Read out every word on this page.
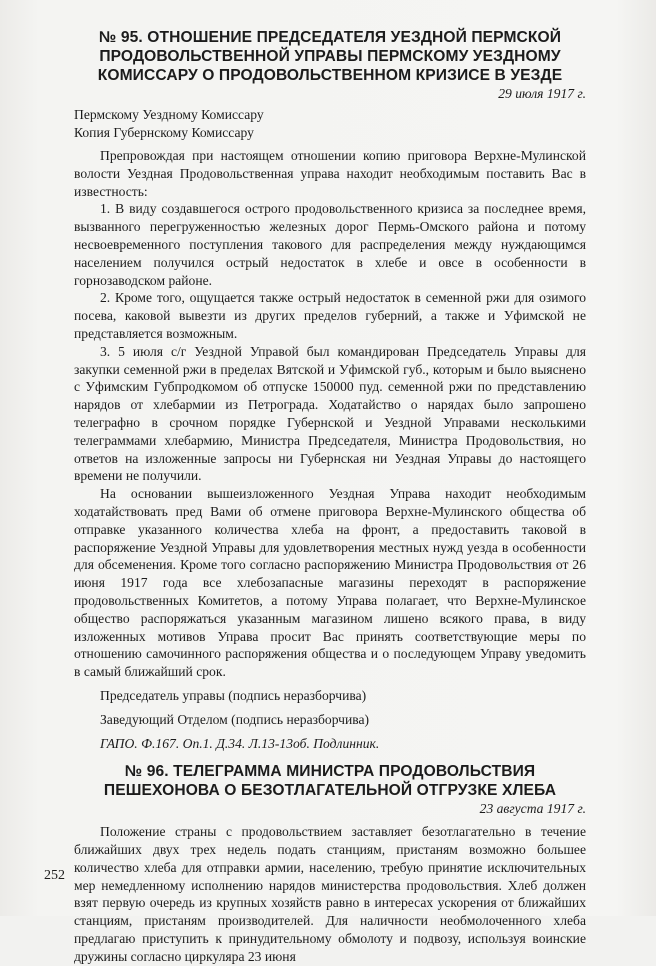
№ 95. ОТНОШЕНИЕ ПРЕДСЕДАТЕЛЯ УЕЗДНОЙ ПЕРМСКОЙ ПРОДОВОЛЬСТВЕННОЙ УПРАВЫ ПЕРМСКОМУ УЕЗДНОМУ КОМИССАРУ О ПРОДОВОЛЬСТВЕННОМ КРИЗИСЕ В УЕЗДЕ
29 июля 1917 г.
Пермскому Уездному Комиссару
Копия Губернскому Комиссару

Препровождая при настоящем отношении копию приговора Верхне-Мулинской волости Уездная Продовольственная управа находит необходимым поставить Вас в известность:

1. В виду создавшегося острого продовольственного кризиса за последнее время, вызванного перегруженностью железных дорог Пермь-Омского района и потому несвоевременного поступления такового для распределения между нуждающимся населением получился острый недостаток в хлебе и овсе в особенности в горнозаводском районе.

2. Кроме того, ощущается также острый недостаток в семенной ржи для озимого посева, каковой вывезти из других пределов губерний, а также и Уфимской не представляется возможным.

3. 5 июля с/г Уездной Управой был командирован Председатель Управы для закупки семенной ржи в пределах Вятской и Уфимской губ., которым и было выяснено с Уфимским Губпродкомом об отпуске 150000 пуд. семенной ржи по представлению нарядов от хлебармии из Петрограда. Ходатайство о нарядах было запрошено телеграфно в срочном порядке Губернской и Уездной Управами несколькими телеграммами хлебармию, Министра Председателя, Министра Продовольствия, но ответов на изложенные запросы ни Губернская ни Уездная Управы до настоящего времени не получили.

На основании вышеизложенного Уездная Управа находит необходимым ходатайствовать пред Вами об отмене приговора Верхне-Мулинского общества об отправке указанного количества хлеба на фронт, а предоставить таковой в распоряжение Уездной Управы для удовлетворения местных нужд уезда в особенности для обсеменения. Кроме того согласно распоряжению Министра Продовольствия от 26 июня 1917 года все хлебозапасные магазины переходят в распоряжение продовольственных Комитетов, а потому Управа полагает, что Верхне-Мулинское общество распоряжаться указанным магазином лишено всякого права, в виду изложенных мотивов Управа просит Вас принять соответствующие меры по отношению самочинного распоряжения общества и о последующем Управу уведомить в самый ближайший срок.

Председатель управы (подпись неразборчива)

Заведующий Отделом (подпись неразборчива)

ГАПО. Ф.167. Оп.1. Д.34. Л.13-13об. Подлинник.

№ 96. ТЕЛЕГРАММА МИНИСТРА ПРОДОВОЛЬСТВИЯ ПЕШЕХОНОВА О БЕЗОТЛАГАТЕЛЬНОЙ ОТГРУЗКЕ ХЛЕБА
23 августа 1917 г.

Положение страны с продовольствием заставляет безотлагательно в течение ближайших двух трех недель подать станциям, пристаням возможно большее количество хлеба для отправки армии, населению, требую принятие исключительных мер немедленному исполнению нарядов министерства продовольствия. Хлеб должен взят первую очередь из крупных хозяйств равно в интересах ускорения от ближайших станциям, пристаням производителей. Для наличности необмолоченного хлеба предлагаю приступить к принудительному обмолоту и подвозу, используя воинские дружины согласно циркуляра 23 июня

252
